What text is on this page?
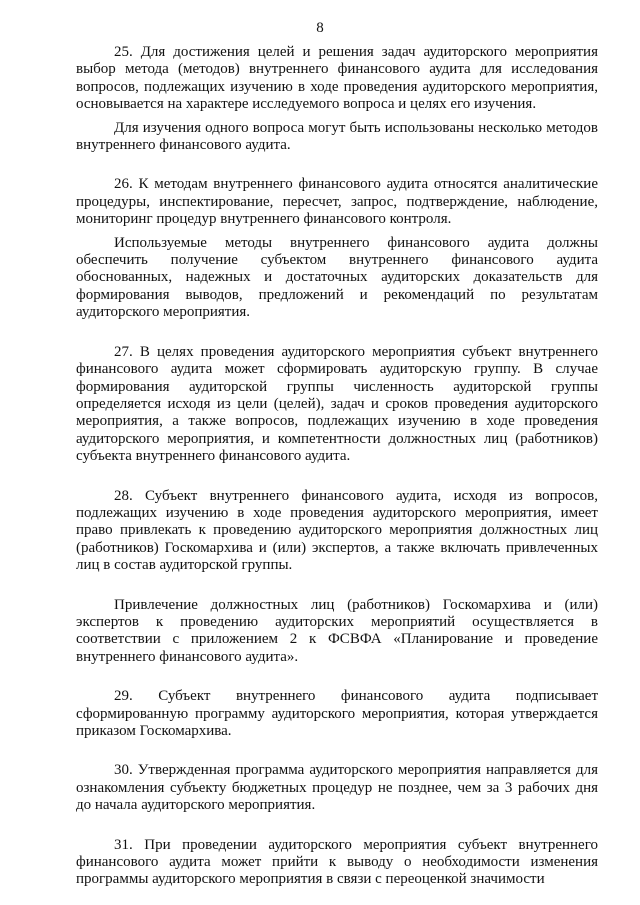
8

25. Для достижения целей и решения задач аудиторского мероприятия выбор метода (методов) внутреннего финансового аудита для исследования вопросов, подлежащих изучению в ходе проведения аудиторского мероприятия, основывается на характере исследуемого вопроса и целях его изучения.

Для изучения одного вопроса могут быть использованы несколько методов внутреннего финансового аудита.

26. К методам внутреннего финансового аудита относятся аналитические процедуры, инспектирование, пересчет, запрос, подтверждение, наблюдение, мониторинг процедур внутреннего финансового контроля.

Используемые методы внутреннего финансового аудита должны обеспечить получение субъектом внутреннего финансового аудита обоснованных, надежных и достаточных аудиторских доказательств для формирования выводов, предложений и рекомендаций по результатам аудиторского мероприятия.

27. В целях проведения аудиторского мероприятия субъект внутреннего финансового аудита может сформировать аудиторскую группу. В случае формирования аудиторской группы численность аудиторской группы определяется исходя из цели (целей), задач и сроков проведения аудиторского мероприятия, а также вопросов, подлежащих изучению в ходе проведения аудиторского мероприятия, и компетентности должностных лиц (работников) субъекта внутреннего финансового аудита.

28. Субъект внутреннего финансового аудита, исходя из вопросов, подлежащих изучению в ходе проведения аудиторского мероприятия, имеет право привлекать к проведению аудиторского мероприятия должностных лиц (работников) Госкомархива и (или) экспертов, а также включать привлеченных лиц в состав аудиторской группы.

Привлечение должностных лиц (работников) Госкомархива и (или) экспертов к проведению аудиторских мероприятий осуществляется в соответствии с приложением 2 к ФСВФА «Планирование и проведение внутреннего финансового аудита».

29. Субъект внутреннего финансового аудита подписывает сформированную программу аудиторского мероприятия, которая утверждается приказом Госкомархива.

30. Утвержденная программа аудиторского мероприятия направляется для ознакомления субъекту бюджетных процедур не позднее, чем за 3 рабочих дня до начала аудиторского мероприятия.

31. При проведении аудиторского мероприятия субъект внутреннего финансового аудита может прийти к выводу о необходимости изменения программы аудиторского мероприятия в связи с переоценкой значимости
